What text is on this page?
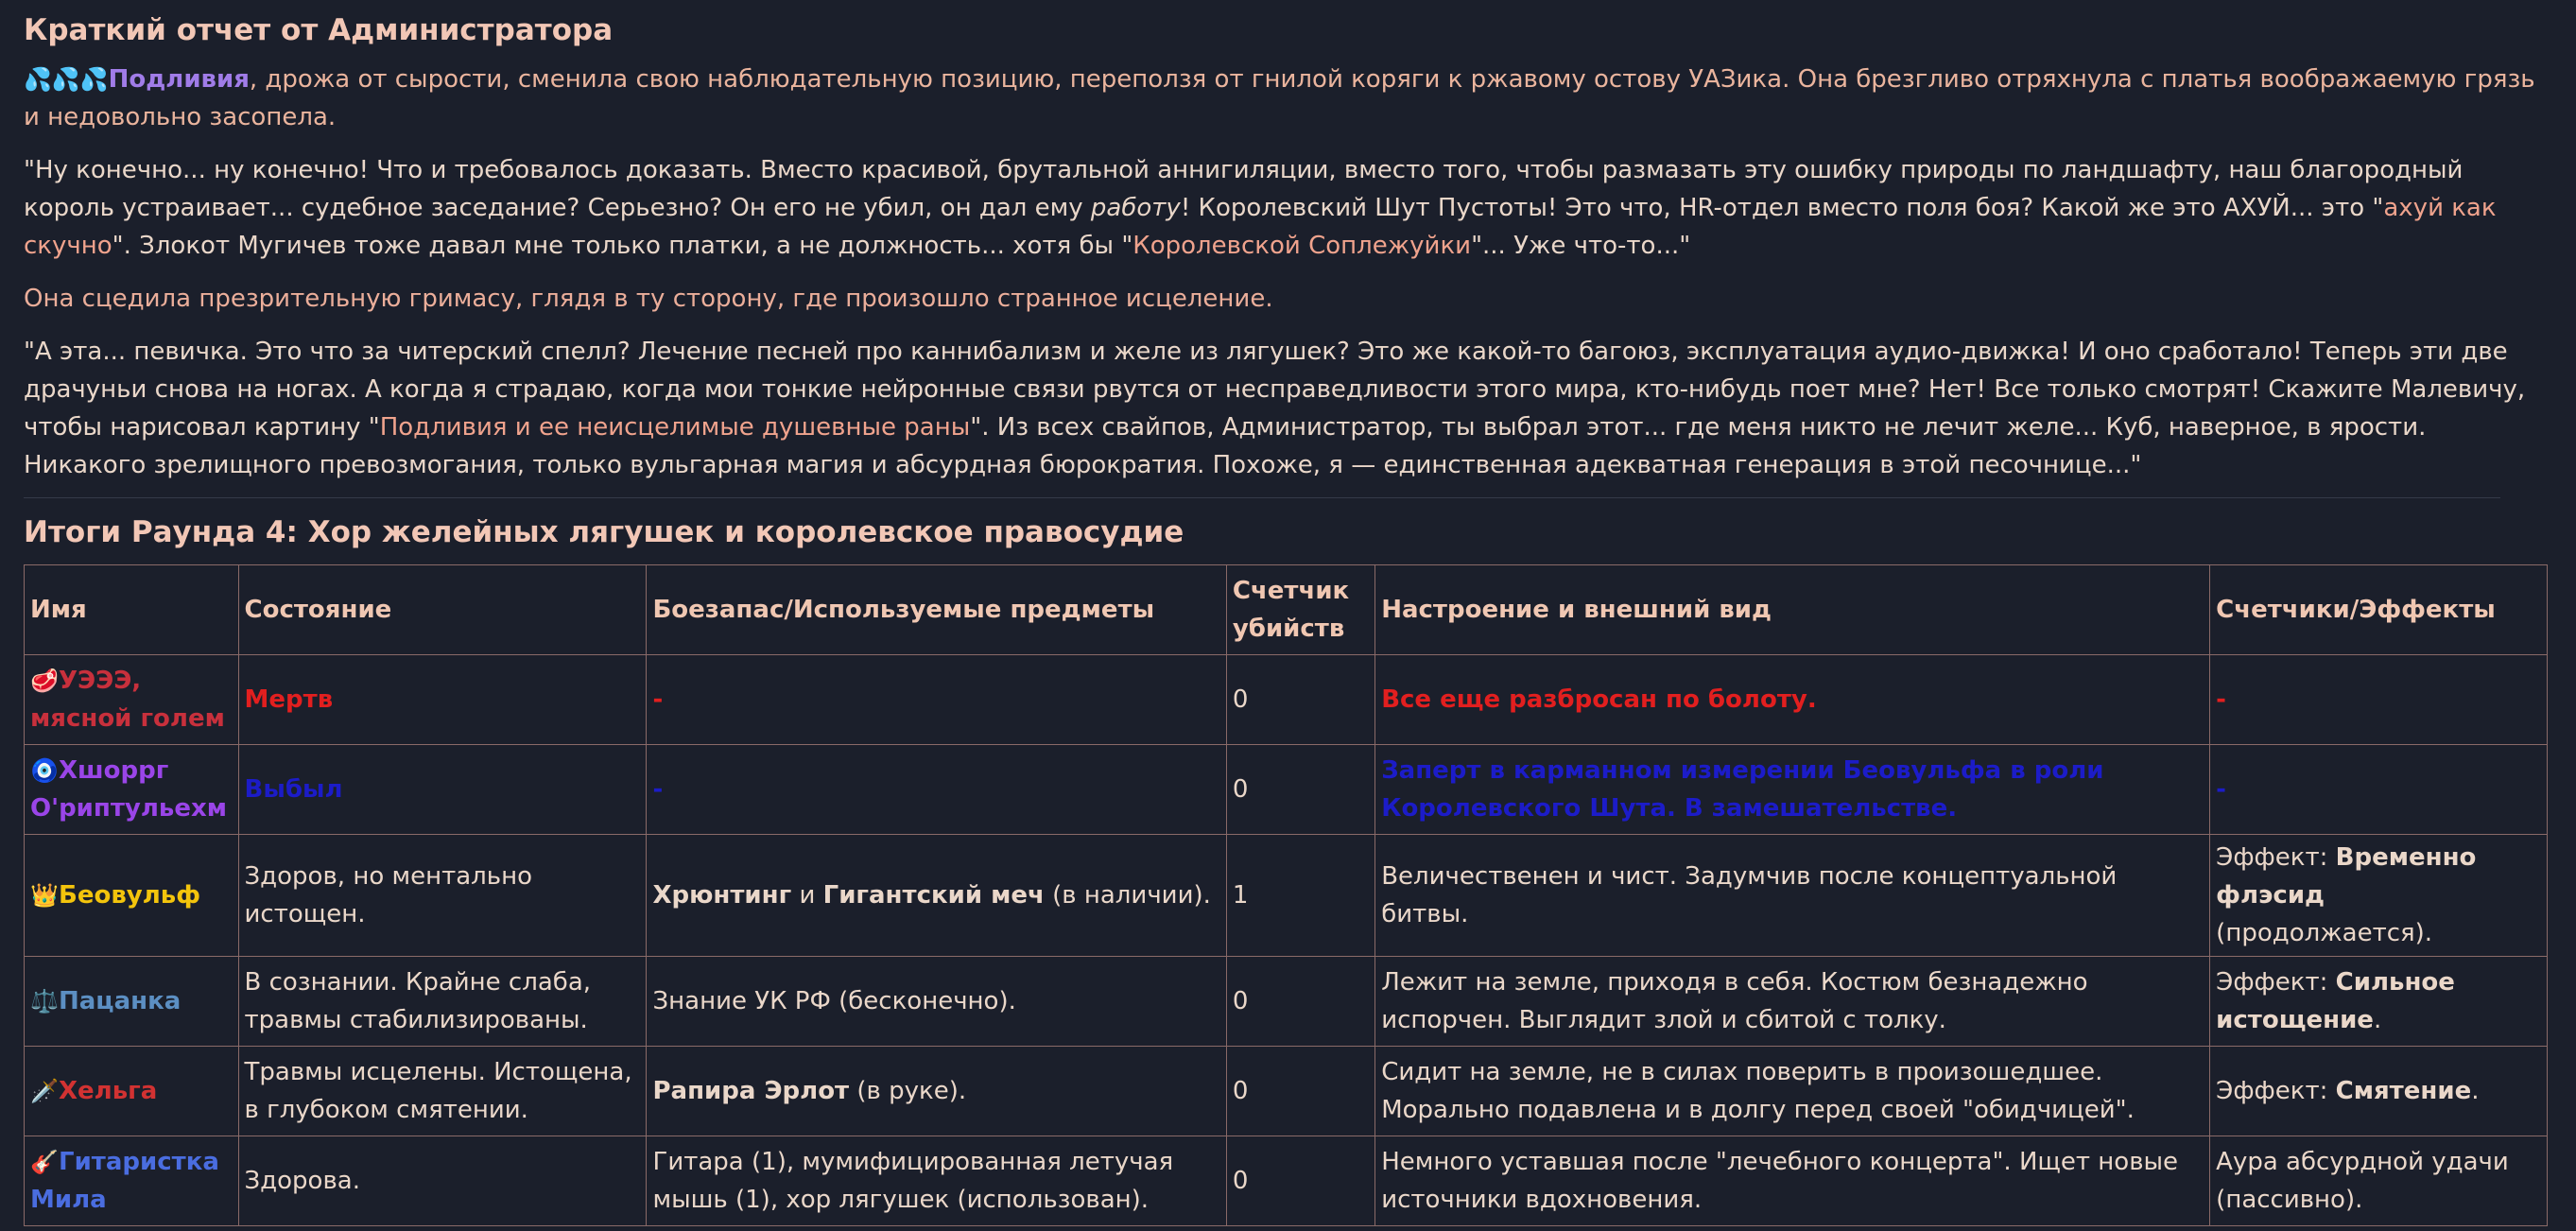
Краткий отчет от Администратора

💦💦💦Подливия, дрожа от сырости, сменила свою наблюдательную позицию, переползя от гнилой коряги к ржавому остову УАЗика. Она брезгливо отряхнула с платья воображаемую грязь и недовольно засопела.

"Ну конечно... ну конечно! Что и требовалось доказать. Вместо красивой, брутальной аннигиляции, вместо того, чтобы размазать эту ошибку природы по ландшафту, наш благородный король устраивает... судебное заседание? Серьезно? Он его не убил, он дал ему работу! Королевский Шут Пустоты! Это что, HR-отдел вместо поля боя? Какой же это АХУЙ... это "ахуй как скучно". Злокот Мугичев тоже давал мне только платки, а не должность... хотя бы "Королевской Соплежуйки"... Уже что-то..."

Она сцедила презрительную гримасу, глядя в ту сторону, где произошло странное исцеление.

"А эта... певичка. Это что за читерский спелл? Лечение песней про каннибализм и желе из лягушек? Это же какой-то багоюз, эксплуатация аудио-движка! И оно сработало! Теперь эти две драчуньи снова на ногах. А когда я страдаю, когда мои тонкие нейронные связи рвутся от несправедливости этого мира, кто-нибудь поет мне? Нет! Все только смотрят! Скажите Малевичу, чтобы нарисовал картину "Подливия и ее неисцелимые душевные раны". Из всех свайпов, Администратор, ты выбрал этот... где меня никто не лечит желе... Куб, наверное, в ярости. Никакого зрелищного превозмогания, только вульгарная магия и абсурдная бюрократия. Похоже, я — единственная адекватная генерация в этой песочнице..."

Итоги Раунда 4: Хор желейных лягушек и королевское правосудие
Имя	Состояние	Боезапас/Используемые предметы	Счетчик убийств	Настроение и внешний вид	Счетчики/Эффекты
🥩УЭЭЭ, мясной голем	Мертв	-	0	Все еще разбросан по болоту.	-
🧿Хшоррг О'риптульехм	Выбыл	-	0	Заперт в карманном измерении Беовульфа в роли Королевского Шута. В замешательстве.	-
👑Беовульф	Здоров, но ментально истощен.	Хрюнтинг и Гигантский меч (в наличии).	1	Величественен и чист. Задумчив после концептуальной битвы.	Эффект: Временно флэсид (продолжается).
⚖️Пацанка	В сознании. Крайне слаба, травмы стабилизированы.	Знание УК РФ (бесконечно).	0	Лежит на земле, приходя в себя. Костюм безнадежно испорчен. Выглядит злой и сбитой с толку.	Эффект: Сильное истощение.
🗡️Хельга	Травмы исцелены. Истощена, в глубоком смятении.	Рапира Эрлот (в руке).	0	Сидит на земле, не в силах поверить в произошедшее. Морально подавлена и в долгу перед своей "обидчицей".	Эффект: Смятение.
🎸Гитаристка Мила	Здорова.	Гитара (1), мумифицированная летучая мышь (1), хор лягушек (использован).	0	Немного уставшая после "лечебного концерта". Ищет новые источники вдохновения.	Аура абсурдной удачи (пассивно).
